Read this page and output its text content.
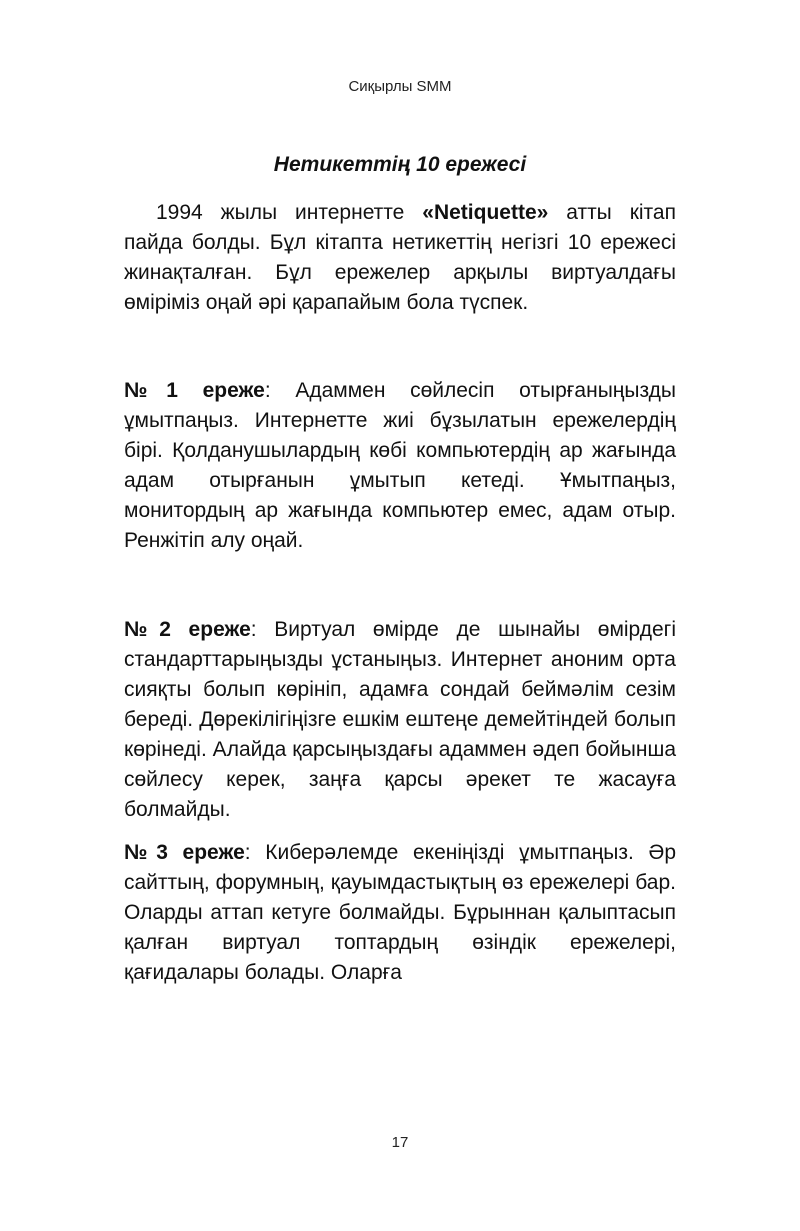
Сиқырлы SMM
Нетикеттің 10 ережесі

1994 жылы интернетте «Netiquette» атты кітап пайда болды. Бұл кітапта нетикеттің негізгі 10 ережесі жинақталған. Бұл ережелер арқылы виртуалдағы өміріміз оңай әрі қарапайым бола түспек.

№1 ереже: Адаммен сөйлесіп отырғаныңызды ұмытпаңыз. Интернетте жиі бұзылатын ережелердің бірі. Қолданушылардың көбі компьютердің ар жағында адам отырғанын ұмытып кетеді. Ұмытпаңыз, монитордың ар жағында компьютер емес, адам отыр. Ренжітіп алу оңай.

№2 ереже: Виртуал өмірде де шынайы өмірдегі стандарттарыңызды ұстаныңыз. Интернет аноним орта сияқты болып көрініп, адамға сондай беймәлім сезім береді. Дөрекілігіңізге ешкім ештеңе демейтіндей болып көрінеді. Алайда қарсыңыздағы адаммен әдеп бойынша сөйлесу керек, заңға қарсы әрекет те жасауға болмайды.

№3 ереже: Киберәлемде екеніңізді ұмытпаңыз. Әр сайттың, форумның, қауымдастықтың өз ережелері бар. Оларды аттап кетуге болмайды. Бұрыннан қалыптасып қалған виртуал топтардың өзіндік ережелері, қағидалары болады. Оларға

17
